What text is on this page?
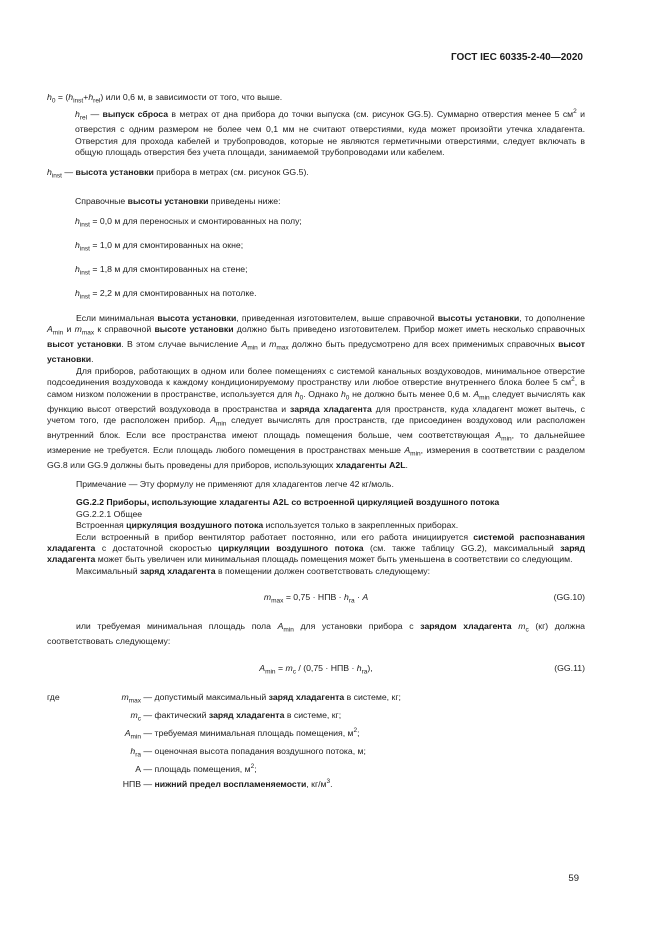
ГОСТ IEC 60335-2-40—2020

$h_0 = (h_{inst}+h_{rel})$ или 0,6 м, в зависимости от того, что выше.

$h_{rel}$ — выпуск сброса в метрах от дна прибора до точки выпуска (см. рисунок GG.5). Суммарно отверстия менее 5 $см^2$ и отверстия с одним размером не более чем 0,1 мм не считают отверстиями, куда может произойти утечка хладагента. Отверстия для прохода кабелей и трубопроводов, которые не являются герметичными отверстиями, следует включать в общую площадь отверстия без учета площади, занимаемой трубопроводами или кабелем.

$h_{inst}$ — высота установки прибора в метрах (см. рисунок GG.5).

Справочные высоты установки приведены ниже:

$h_{inst} = 0,0$ м для переносных и смонтированных на полу;

$h_{inst} = 1,0$ м для смонтированных на окне;

$h_{inst} = 1,8$ м для смонтированных на стене;

$h_{inst} = 2,2$ м для смонтированных на потолке.

Если минимальная высота установки, приведенная изготовителем, выше справочной высоты установки, то дополнение $A_{min}$ и $m_{max}$ к справочной высоте установки должно быть приведено изготовителем. Прибор может иметь несколько справочных высот установки. В этом случае вычисление $A_{min}$ и $m_{max}$ должно быть предусмотрено для всех применимых справочных высот установки.

Для приборов, работающих в одном или более помещениях с системой канальных воздуховодов, минимальное отверстие подсоединения воздуховода к каждому кондиционируемому пространству или любое отверстие внутреннего блока более 5 $см^2$, в самом низком положении в пространстве, используется для $h_0$. Однако $h_0$ не должно быть менее 0,6 м. $A_{min}$ следует вычислять как функцию высот отверстий воздуховода в пространства и заряда хладагента для пространств, куда хладагент может вытечь, с учетом того, где расположен прибор. $A_{min}$ следует вычислять для пространств, где присоединен воздуховод или расположен внутренний блок. Если все пространства имеют площадь помещения больше, чем соответствующая $A_{min}$, то дальнейшее измерение не требуется. Если площадь любого помещения в пространствах меньше $A_{min}$, измерения в соответствии с разделом GG.8 или GG.9 должны быть проведены для приборов, использующих хладагенты A2L.

Примечание — Эту формулу не применяют для хладагентов легче 42 кг/моль.

GG.2.2 Приборы, использующие хладагенты A2L со встроенной циркуляцией воздушного потока

GG.2.2.1 Общее

Встроенная циркуляция воздушного потока используется только в закрепленных приборах.

Если встроенный в прибор вентилятор работает постоянно, или его работа инициируется системой распознавания хладагента с достаточной скоростью циркуляции воздушного потока (см. также таблицу GG.2), максимальный заряд хладагента может быть увеличен или минимальная площадь помещения может быть уменьшена в соответствии со следующим.

Максимальный заряд хладагента в помещении должен соответствовать следующему:

$m_{max} = 0,75$ · НПВ · $h_{ra} \cdot A$	(GG.10)

или требуемая минимальная площадь пола $A_{min}$ для установки прибора с зарядом хладагента $m_c$ (кг) должна соответствовать следующему:

$A_{min} = m_c / (0,75$ · НПВ · $h_{ra}$),	(GG.11)

где	$m_{max}$ — допустимый максимальный заряд хладагента в системе, кг;

$m_c$ — фактический заряд хладагента в системе, кг;

$A_{min}$ — требуемая минимальная площадь помещения, $м^2$;

$h_{ra}$ — оценочная высота попадания воздушного потока, м;

A — площадь помещения, $м^2$;

НПВ — нижний предел воспламеняемости, $кг/м^3$.

59
